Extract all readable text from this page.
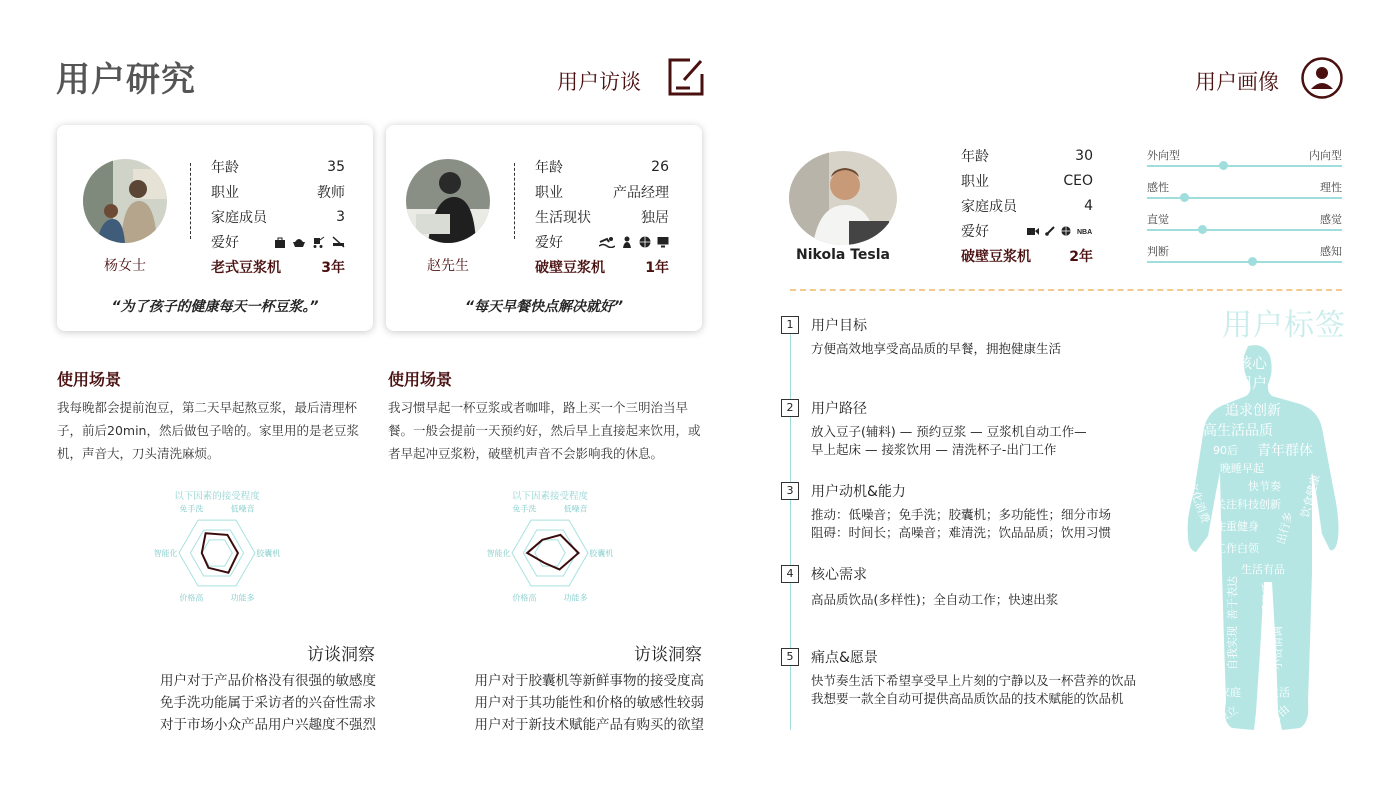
用户研究	用户访谈	用户画像
杨女士
年龄	35
职业	教师
家庭成员	3
爱好
老式豆浆机	3年
“为了孩子的健康每天一杯豆浆。”
赵先生
年龄	26
职业	产品经理
生活现状	独居
爱好
破壁豆浆机	1年
“每天早餐快点解决就好”
使用场景
我每晚都会提前泡豆，第二天早起熬豆浆，最后清理杯子，前后20min，然后做包子啥的。家里用的是老豆浆机，声音大，刀头清洗麻烦。
使用场景
我习惯早起一杯豆浆或者咖啡，路上买一个三明治当早餐。一般会提前一天预约好，然后早上直接起来饮用，或者早起冲豆浆粉，破壁机声音不会影响我的休息。
以下因素的接受程度
免手洗	低噪音
胶囊机
功能多
价格高
智能化
以下因素接受程度
免手洗	低噪音
胶囊机
功能多
价格高
智能化
访谈洞察
用户对于产品价格没有很强的敏感度
免手洗功能属于采访者的兴奋性需求
对于市场小众产品用户兴趣度不强烈
访谈洞察
用户对于胶囊机等新鲜事物的接受度高
用户对于其功能性和价格的敏感性较弱
用户对于新技术赋能产品有购买的欲望
Nikola Tesla
年龄	30
职业	CEO
家庭成员	4
爱好	NBA
破壁豆浆机	2年
外向型	内向型
感性	理性
直觉	感觉
判断	感知
1	用户目标
方便高效地享受高品质的早餐，拥抱健康生活
2	用户路径
放入豆子(辅料) — 预约豆浆 — 豆浆机自动工作—
早上起床 — 接浆饮用 — 清洗杯子-出门工作
3	用户动机&能力
推动：低噪音；免手洗；胶囊机；多功能性；细分市场
阻碍：时间长；高噪音；难清洗；饮品品质；饮用习惯
4	核心需求
高品质饮品(多样性)；全自动工作；快速出浆
5	痛点&愿景
快节奏生活下希望享受早上片刻的宁静以及一杯营养的饮品
我想要一款全自动可提供高品质饮品的技术赋能的饮品机
用户标签
核心
用户
追求创新
高生活品质
90后 青年群体
晚睡早起
快节奏
文化消费 关注科技创新 饮食健康
注重健身 出行多
工作白领
生活有品
善于表达 享受品质
自我实现	小资情调
家庭 生活
独立 自由
